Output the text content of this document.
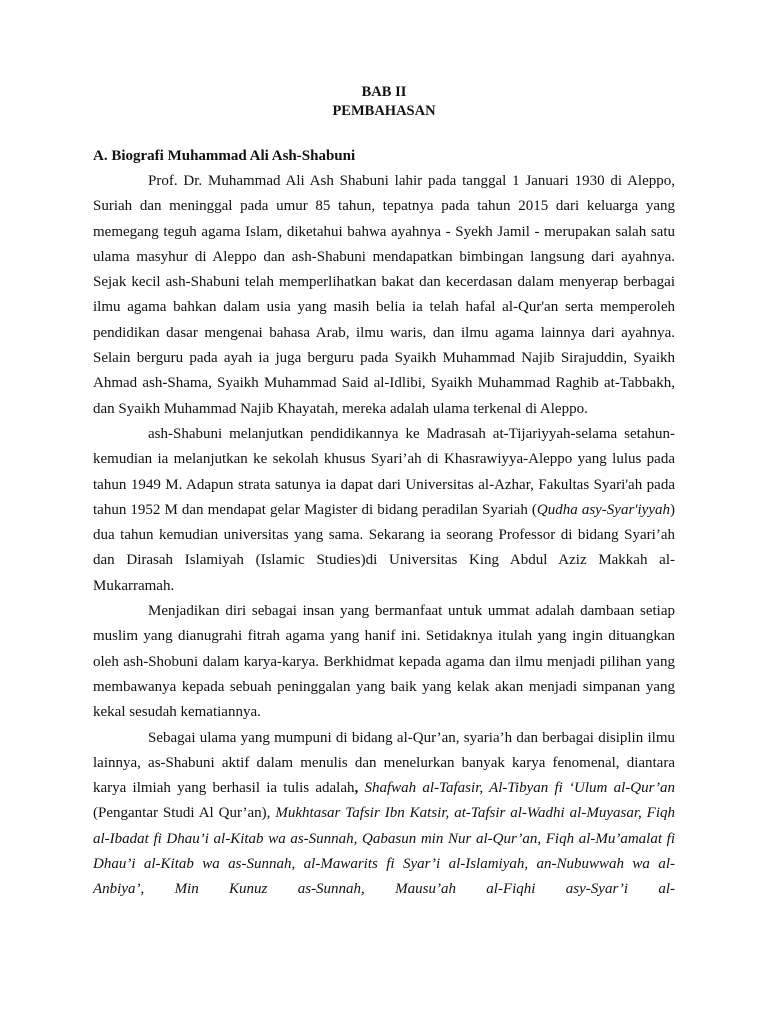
BAB II
PEMBAHASAN
A. Biografi Muhammad Ali Ash-Shabuni

Prof. Dr. Muhammad Ali Ash Shabuni lahir pada tanggal 1 Januari 1930 di Aleppo, Suriah dan meninggal pada umur 85 tahun, tepatnya pada tahun 2015 dari keluarga yang memegang teguh agama Islam, diketahui bahwa ayahnya - Syekh Jamil - merupakan salah satu ulama masyhur di Aleppo dan ash-Shabuni mendapatkan bimbingan langsung dari ayahnya. Sejak kecil ash-Shabuni telah memperlihatkan bakat dan kecerdasan dalam menyerap berbagai ilmu agama bahkan dalam usia yang masih belia ia telah hafal al-Qur'an serta memperoleh pendidikan dasar mengenai bahasa Arab, ilmu waris, dan ilmu agama lainnya dari ayahnya. Selain berguru pada ayah ia juga berguru pada Syaikh Muhammad Najib Sirajuddin, Syaikh Ahmad ash-Shama, Syaikh Muhammad Said al-Idlibi, Syaikh Muhammad Raghib at-Tabbakh, dan Syaikh Muhammad Najib Khayatah, mereka adalah ulama terkenal di Aleppo.

ash-Shabuni melanjutkan pendidikannya ke Madrasah at-Tijariyyah-selama setahun-kemudian ia melanjutkan ke sekolah khusus Syari’ah di Khasrawiyya-Aleppo yang lulus pada tahun 1949 M. Adapun strata satunya ia dapat dari Universitas al-Azhar, Fakultas Syari'ah pada tahun 1952 M dan mendapat gelar Magister di bidang peradilan Syariah (Qudha asy-Syar'iyyah) dua tahun kemudian universitas yang sama. Sekarang ia seorang Professor di bidang Syari’ah dan Dirasah Islamiyah (Islamic Studies)di Universitas King Abdul Aziz Makkah al-Mukarramah.

Menjadikan diri sebagai insan yang bermanfaat untuk ummat adalah dambaan setiap muslim yang dianugrahi fitrah agama yang hanif ini. Setidaknya itulah yang ingin dituangkan oleh ash-Shobuni dalam karya-karya. Berkhidmat kepada agama dan ilmu menjadi pilihan yang membawanya kepada sebuah peninggalan yang baik yang kelak akan menjadi simpanan yang kekal sesudah kematiannya.

Sebagai ulama yang mumpuni di bidang al-Qur’an, syaria’h dan berbagai disiplin ilmu lainnya, as-Shabuni aktif dalam menulis dan menelurkan banyak karya fenomenal, diantara karya ilmiah yang berhasil ia tulis adalah, Shafwah al-Tafasir, Al-Tibyan fi ‘Ulum al-Qur’an (Pengantar Studi Al Qur’an), Mukhtasar Tafsir Ibn Katsir, at-Tafsir al-Wadhi al-Muyasar, Fiqh al-Ibadat fi Dhau’i al-Kitab wa as-Sunnah, Qabasun min Nur al-Qur’an, Fiqh al-Mu’amalat fi Dhau’i al-Kitab wa as-Sunnah, al-Mawarits fi Syar’i al-Islamiyah, an-Nubuwwah wa al-Anbiya’, Min Kunuz as-Sunnah, Mausu’ah al-Fiqhi asy-Syar’i al-
